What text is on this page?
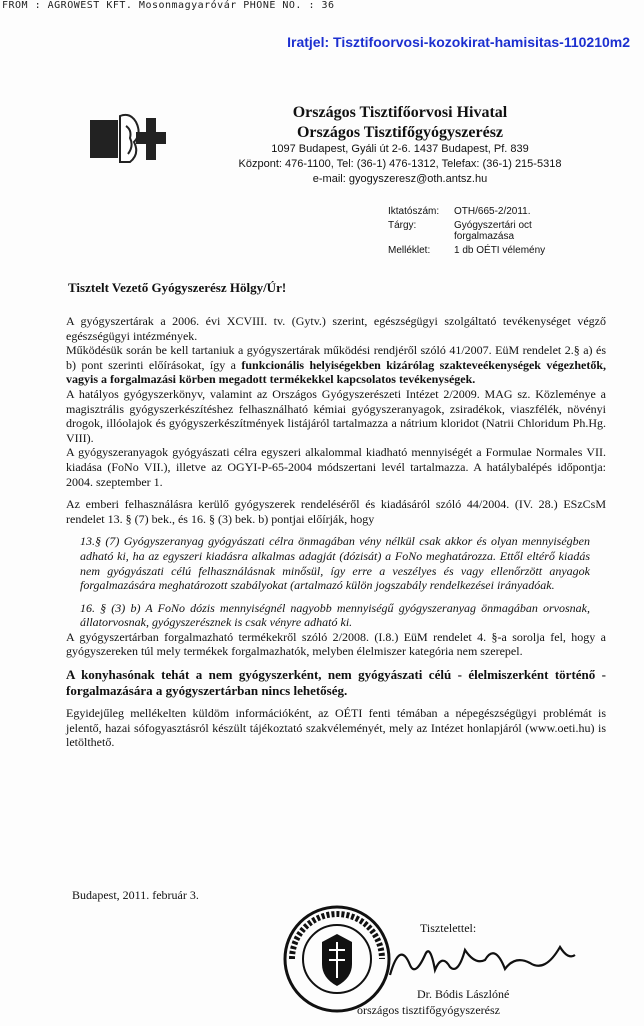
FROM : AGROWEST KFT. Mosonmagyaróvár PHONE NO. : 36
Iratjel: Tisztifoorvosi-kozokirat-hamisitas-110210m2
Országos Tisztifőorvosi Hivatal
Országos Tisztifőgyógyszerész
1097 Budapest, Gyáli út 2-6. 1437 Budapest, Pf. 839
Központ: 476-1100, Tel: (36-1) 476-1312, Telefax: (36-1) 215-5318
e-mail: gyogyszeresz@oth.antsz.hu
Iktatószám:	OTH/665-2/2011.
Tárgy:	Gyógyszertári oct forgalmazása
Melléklet:	1 db OÉTI vélemény
Tisztelt Vezető Gyógyszerész Hölgy/Úr!

A gyógyszertárak a 2006. évi XCVIII. tv. (Gytv.) szerint, egészségügyi szolgáltató tevékenységet végző egészségügyi intézmények.

Működésük során be kell tartaniuk a gyógyszertárak működési rendjéről szóló 41/2007. EüM rendelet 2.§ a) és b) pont szerinti előírásokat, így a funkcionális helyiségekben kizárólag szakteveékenységek végezhetők, vagyis a forgalmazási körben megadott termékekkel kapcsolatos tevékenységek.

A hatályos gyógyszerkönyv, valamint az Országos Gyógyszerészeti Intézet 2/2009. MAG sz. Közleménye a magisztrális gyógyszerkészítéshez felhasználható kémiai gyógyszeranyagok, zsiradékok, viaszfélék, növényi drogok, illóolajok és gyógyszerkészítmények listájáról tartalmazza a nátrium kloridot (Natrii Chloridum Ph.Hg. VIII).

A gyógyszeranyagok gyógyászati célra egyszeri alkalommal kiadható mennyiségét a Formulae Normales VII. kiadása (FoNo VII.), illetve az OGYI-P-65-2004 módszertani levél tartalmazza. A hatálybalépés időpontja: 2004. szeptember 1.

Az emberi felhasználásra kerülő gyógyszerek rendeléséről és kiadásáról szóló 44/2004. (IV. 28.) ESzCsM rendelet 13. § (7) bek., és 16. § (3) bek. b) pontjai előírják, hogy

13.§ (7) Gyógyszeranyag gyógyászati célra önmagában vény nélkül csak akkor és olyan mennyiségben adható ki, ha az egyszeri kiadásra alkalmas adagját (dózisát) a FoNo meghatározza. Ettől eltérő kiadás nem gyógyászati célú felhasználásnak minősül, így erre a veszélyes és vagy ellenőrzött anyagok forgalmazására meghatározott szabályokat (artalmazó külön jogszabály rendelkezései irányadóak.

16. § (3) b) A FoNo dózis mennyiségnél nagyobb mennyiségű gyógyszeranyag önmagában orvosnak, állatorvosnak, gyógyszerésznek is csak vényre adható ki.

A gyógyszertárban forgalmazható termékekről szóló 2/2008. (I.8.) EüM rendelet 4. §-a sorolja fel, hogy a gyógyszereken túl mely termékek forgalmazhatók, melyben élelmiszer kategória nem szerepel.

A konyhasónak tehát a nem gyógyszerként, nem gyógyászati célú - élelmiszerként történő - forgalmazására a gyógyszertárban nincs lehetőség.

Egyidejűleg mellékelten küldöm információként, az OÉTI fenti témában a népegészségügyi problémát is jelentő, hazai sófogyasztásról készült tájékoztató szakvéleményét, mely az Intézet honlapjáról (www.oeti.hu) is letölthető.

Budapest, 2011. február 3.
Tisztelettel:
Dr. Bódis Lászlóné
országos tisztifőgyógyszerész
